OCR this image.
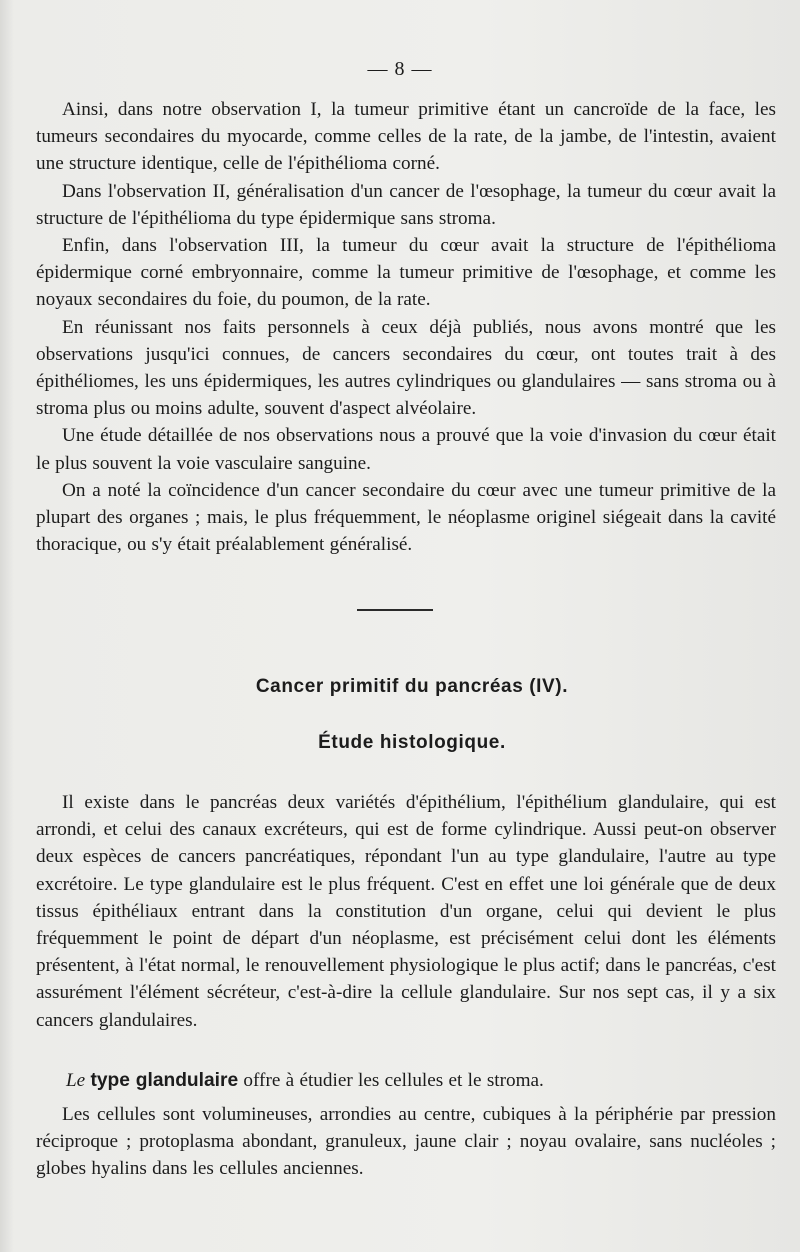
— 8 —

Ainsi, dans notre observation I, la tumeur primitive étant un cancroïde de la face, les tumeurs secondaires du myocarde, comme celles de la rate, de la jambe, de l'intestin, avaient une structure identique, celle de l'épithélioma corné.

Dans l'observation II, généralisation d'un cancer de l'œsophage, la tumeur du cœur avait la structure de l'épithélioma du type épidermique sans stroma.

Enfin, dans l'observation III, la tumeur du cœur avait la structure de l'épithélioma épidermique corné embryonnaire, comme la tumeur primitive de l'œsophage, et comme les noyaux secondaires du foie, du poumon, de la rate.

En réunissant nos faits personnels à ceux déjà publiés, nous avons montré que les observations jusqu'ici connues, de cancers secondaires du cœur, ont toutes trait à des épithéliomes, les uns épidermiques, les autres cylindriques ou glandulaires — sans stroma ou à stroma plus ou moins adulte, souvent d'aspect alvéolaire.

Une étude détaillée de nos observations nous a prouvé que la voie d'invasion du cœur était le plus souvent la voie vasculaire sanguine.

On a noté la coïncidence d'un cancer secondaire du cœur avec une tumeur primitive de la plupart des organes ; mais, le plus fréquemment, le néoplasme originel siégeait dans la cavité thoracique, ou s'y était préalablement généralisé.

Cancer primitif du pancréas (IV).
Étude histologique.

Il existe dans le pancréas deux variétés d'épithélium, l'épithélium glandulaire, qui est arrondi, et celui des canaux excréteurs, qui est de forme cylindrique. Aussi peut-on observer deux espèces de cancers pancréatiques, répondant l'un au type glandulaire, l'autre au type excrétoire. Le type glandulaire est le plus fréquent. C'est en effet une loi générale que de deux tissus épithéliaux entrant dans la constitution d'un organe, celui qui devient le plus fréquemment le point de départ d'un néoplasme, est précisément celui dont les éléments présentent, à l'état normal, le renouvellement physiologique le plus actif; dans le pancréas, c'est assurément l'élément sécréteur, c'est-à-dire la cellule glandulaire. Sur nos sept cas, il y a six cancers glandulaires.

Le type glandulaire offre à étudier les cellules et le stroma.

Les cellules sont volumineuses, arrondies au centre, cubiques à la périphérie par pression réciproque ; protoplasma abondant, granuleux, jaune clair ; noyau ovalaire, sans nucléoles ; globes hyalins dans les cellules anciennes.
